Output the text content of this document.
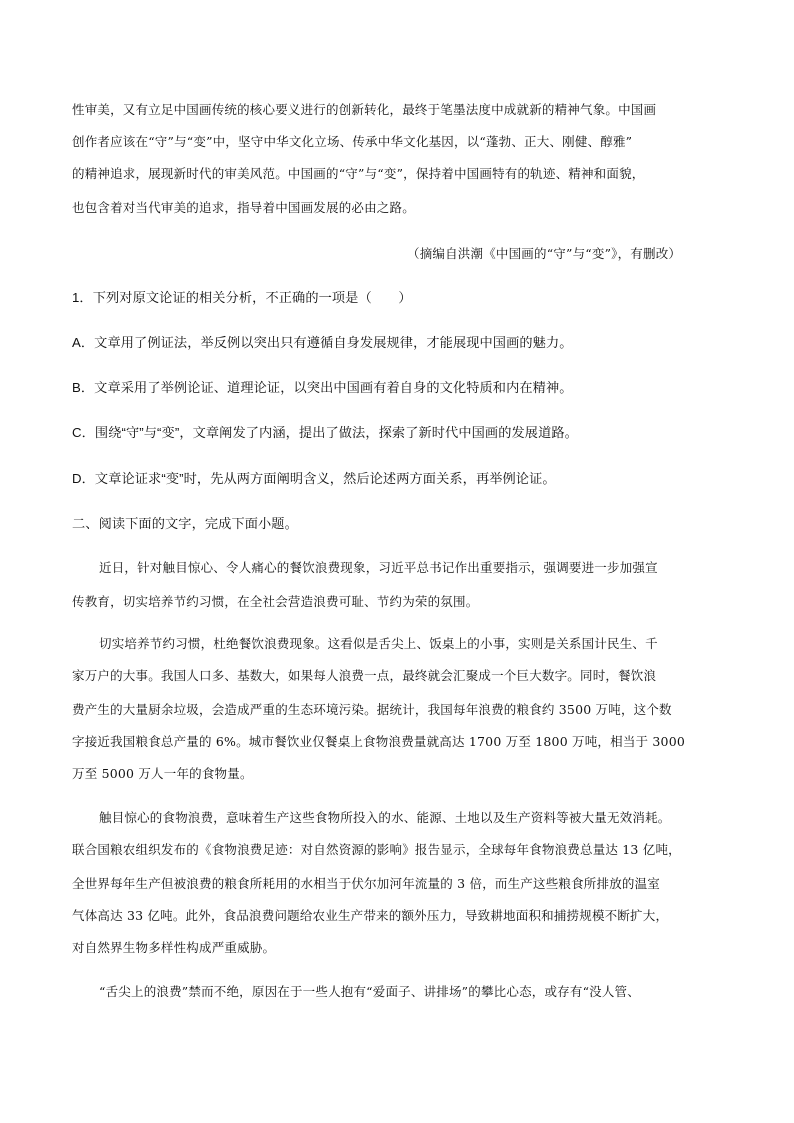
性审美，又有立足中国画传统的核心要义进行的创新转化，最终于笔墨法度中成就新的精神气象。中国画
创作者应该在“守”与“变”中，坚守中华文化立场、传承中华文化基因，以“蓬勃、正大、刚健、醇雅”
的精神追求，展现新时代的审美风范。中国画的“守”与“变”，保持着中国画特有的轨迹、精神和面貌，
也包含着对当代审美的追求，指导着中国画发展的必由之路。
（摘编自洪潮《中国画的“守”与“变”》，有删改）
1．下列对原文论证的相关分析，不正确的一项是（　　）
A．文章用了例证法，举反例以突出只有遵循自身发展规律，才能展现中国画的魅力。
B．文章采用了举例论证、道理论证，以突出中国画有着自身的文化特质和内在精神。
C．围绕“守”与“变”，文章阐发了内涵，提出了做法，探索了新时代中国画的发展道路。
D．文章论证求“变”时，先从两方面阐明含义，然后论述两方面关系，再举例论证。
二、阅读下面的文字，完成下面小题。
近日，针对触目惊心、令人痛心的餐饮浪费现象，习近平总书记作出重要指示，强调要进一步加强宣
传教育，切实培养节约习惯，在全社会营造浪费可耻、节约为荣的氛围。
切实培养节约习惯，杜绝餐饮浪费现象。这看似是舌尖上、饭桌上的小事，实则是关系国计民生、千
家万户的大事。我国人口多、基数大，如果每人浪费一点，最终就会汇聚成一个巨大数字。同时，餐饮浪
费产生的大量厨余垃圾，会造成严重的生态环境污染。据统计，我国每年浪费的粮食约 3500 万吨，这个数
字接近我国粮食总产量的 6%。城市餐饮业仅餐桌上食物浪费量就高达 1700 万至 1800 万吨，相当于 3000
万至 5000 万人一年的食物量。
触目惊心的食物浪费，意味着生产这些食物所投入的水、能源、土地以及生产资料等被大量无效消耗。
联合国粮农组织发布的《食物浪费足迹：对自然资源的影响》报告显示，全球每年食物浪费总量达 13 亿吨，
全世界每年生产但被浪费的粮食所耗用的水相当于伏尔加河年流量的 3 倍，而生产这些粮食所排放的温室
气体高达 33 亿吨。此外，食品浪费问题给农业生产带来的额外压力，导致耕地面积和捕捞规模不断扩大，
对自然界生物多样性构成严重威胁。
“舌尖上的浪费”禁而不绝，原因在于一些人抱有“爱面子、讲排场”的攀比心态，或存有“没人管、
